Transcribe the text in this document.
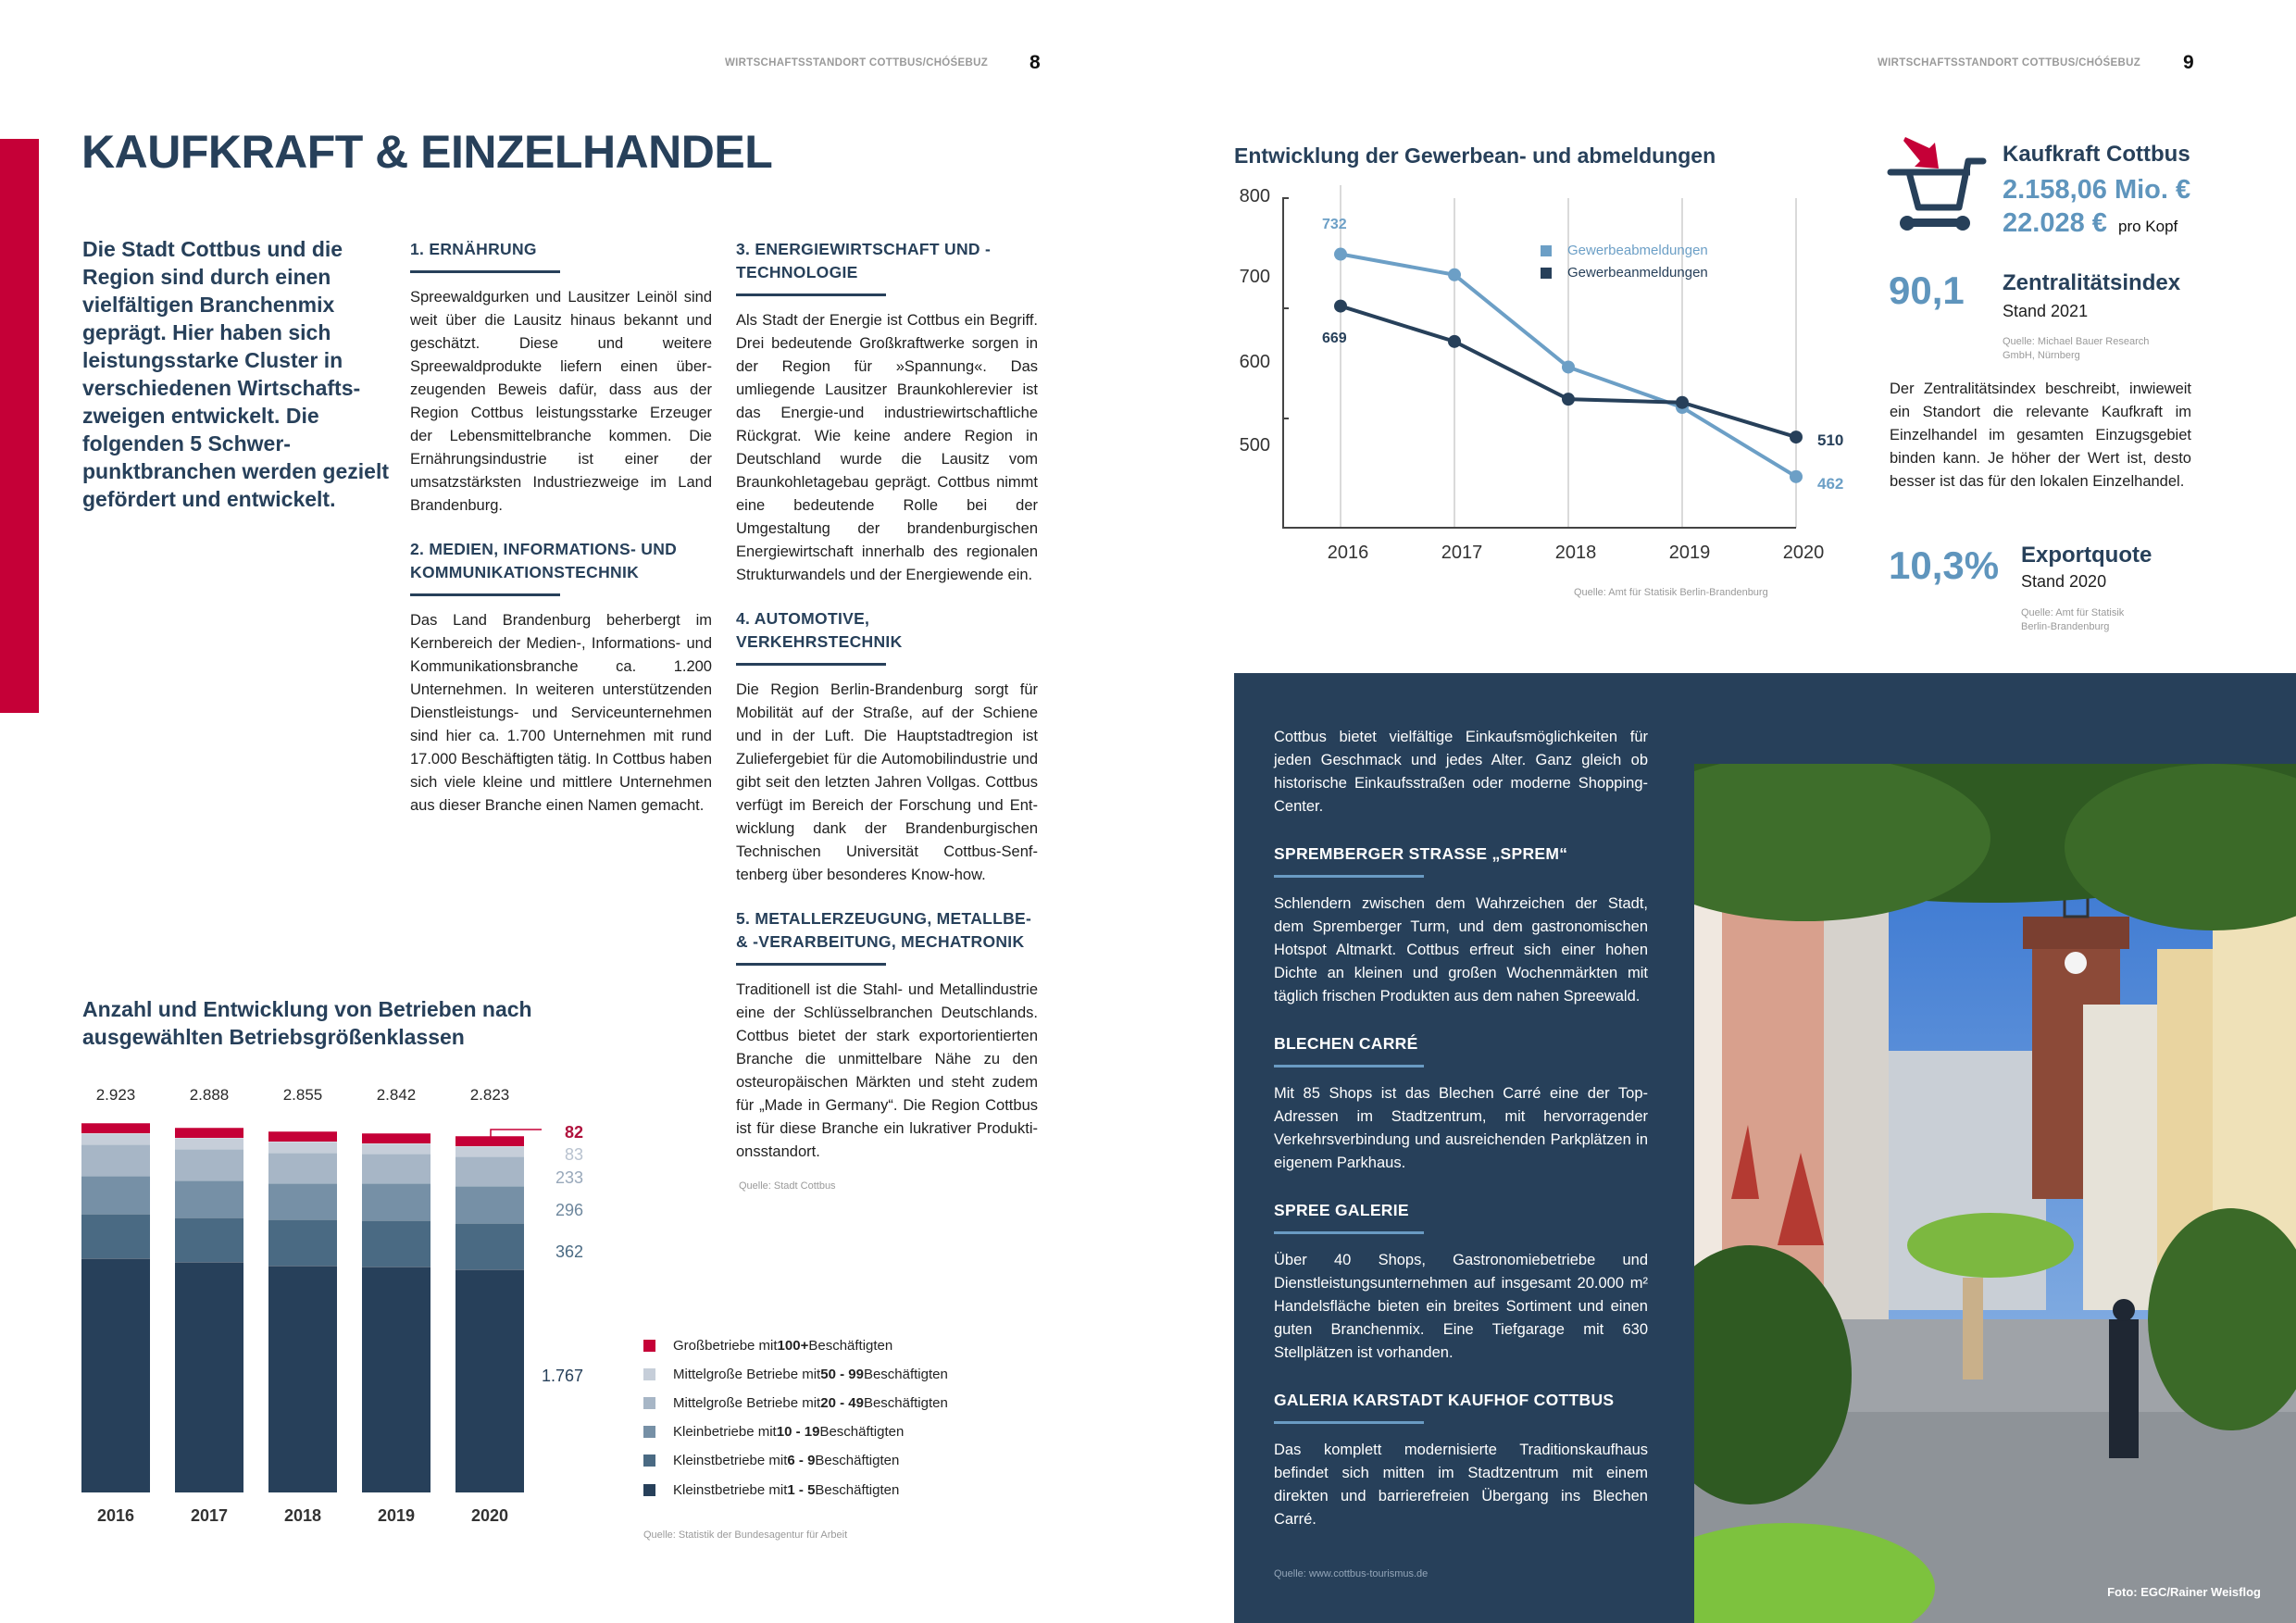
WIRTSCHAFTSSTANDORT COTTBUS/CHÓŚEBUZ 8
KAUFKRAFT & EINZELHANDEL

Die Stadt Cottbus und die Region sind durch einen vielfältigen Branchenmix geprägt. Hier haben sich leistungsstarke Cluster in verschiedenen Wirtschaftszweigen entwickelt. Die folgenden 5 Schwerpunktbranchen werden gezielt gefördert und entwickelt.

1. ERNÄHRUNG

Spreewaldgurken und Lausitzer Leinöl sind weit über die Lausitz hinaus bekannt und geschätzt. Diese und weitere Spreewaldprodukte liefern einen überzeugenden Beweis dafür, dass aus der Region Cottbus leistungsstarke Erzeuger der Lebensmittelbranche kommen. Die Ernährungsindustrie ist einer der umsatzstärksten Industriezweige im Land Brandenburg.

2. MEDIEN, INFORMATIONS- UND KOMMUNIKATIONSTECHNIK

Das Land Brandenburg beherbergt im Kernbereich der Medien-, Informations- und Kommunikationsbranche ca. 1.200 Unternehmen. In weiteren unterstützenden Dienstleistungs- und Serviceunternehmen sind hier ca. 1.700 Unternehmen mit rund 17.000 Beschäftigten tätig. In Cottbus haben sich viele kleine und mittlere Unternehmen aus dieser Branche einen Namen gemacht.

3. ENERGIEWIRTSCHAFT UND -TECHNOLOGIE

Als Stadt der Energie ist Cottbus ein Begriff. Drei bedeutende Großkraftwerke sorgen in der Region für »Spannung«. Das umliegende Lausitzer Braunkohlerevier ist das Energie-und industriewirtschaftliche Rückgrat. Wie keine andere Region in Deutschland wurde die Lausitz vom Braunkohletagebau geprägt. Cottbus nimmt eine bedeutende Rolle bei der Umgestaltung der brandenburgischen Energiewirtschaft innerhalb des regionalen Strukturwandels und der Energiewende ein.

4. AUTOMOTIVE, VERKEHRSTECHNIK

Die Region Berlin-Brandenburg sorgt für Mobilität auf der Straße, auf der Schiene und in der Luft. Die Hauptstadtregion ist Zuliefergebiet für die Automobilindustrie und gibt seit den letzten Jahren Vollgas. Cottbus verfügt im Bereich der Forschung und Entwicklung dank der Brandenburgischen Technischen Universität Cottbus-Senftenberg über besonderes Know-how.

5. METALLERZEUGUNG, METALLBE- & -VERARBEITUNG, MECHATRONIK

Traditionell ist die Stahl- und Metallindustrie eine der Schlüsselbranchen Deutschlands. Cottbus bietet der stark exportorientierten Branche die unmittelbare Nähe zu den osteuropäischen Märkten und steht zudem für „Made in Germany“. Die Region Cottbus ist für diese Branche ein lukrativer Produktionsstandort.

Quelle: Stadt Cottbus
Anzahl und Entwicklung von Betrieben nach ausgewählten Betriebsgrößenklassen
2.923
2016
2.888
2017
2.855
2018
2.842
2019
2.823
2020
82
83
233
296
362
1.767
Großbetriebe mit 100+ Beschäftigten
Mittelgroße Betriebe mit 50 - 99 Beschäftigten
Mittelgroße Betriebe mit 20 - 49 Beschäftigten
Kleinbetriebe mit 10 - 19 Beschäftigten
Kleinstbetriebe mit 6 - 9 Beschäftigten
Kleinstbetriebe mit 1 - 5 Beschäftigten
Quelle: Statistik der Bundesagentur für Arbeit
WIRTSCHAFTSSTANDORT COTTBUS/CHÓŚEBUZ 9
Entwicklung der Gewerbean- und abmeldungen
800
700
600
500
Gewerbeabmeldungen
Gewerbeanmeldungen
732
669
510
462
2016	2017	2018	2019	2020
Quelle: Amt für Statisik Berlin-Brandenburg
Kaufkraft Cottbus
2.158,06 Mio. €
22.028 € pro Kopf
90,1 Zentralitätsindex
Stand 2021
Quelle: Michael Bauer Research
GmbH, Nürnberg

Der Zentralitätsindex beschreibt, inwieweit ein Standort die relevante Kaufkraft im Einzelhandel im gesamten Einzugsgebiet binden kann. Je höher der Wert ist, desto besser ist das für den lokalen Einzelhandel.

10,3% Exportquote
Stand 2020
Quelle: Amt für Statisik
Berlin-Brandenburg

Cottbus bietet vielfältige Einkaufsmöglichkeiten für jeden Geschmack und jedes Alter. Ganz gleich ob historische Einkaufsstraßen oder moderne Shopping-Center.

SPREMBERGER STRASSE „SPREM“

Schlendern zwischen dem Wahrzeichen der Stadt, dem Spremberger Turm, und dem gastronomischen Hotspot Altmarkt. Cottbus erfreut sich einer hohen Dichte an kleinen und großen Wochenmärkten mit täglich frischen Produkten aus dem nahen Spreewald.

BLECHEN CARRÉ

Mit 85 Shops ist das Blechen Carré eine der Top-Adressen im Stadtzentrum, mit hervorragender Verkehrsverbindung und ausreichenden Parkplätzen in eigenem Parkhaus.

SPREE GALERIE

Über 40 Shops, Gastronomiebetriebe und Dienstleistungsunternehmen auf insgesamt 20.000 m² Handelsfläche bieten ein breites Sortiment und einen guten Branchenmix. Eine Tiefgarage mit 630 Stellplätzen ist vorhanden.

GALERIA KARSTADT KAUFHOF COTTBUS

Das komplett modernisierte Traditionskaufhaus befindet sich mitten im Stadtzentrum mit einem direkten und barrierefreien Übergang ins Blechen Carré.

Quelle: www.cottbus-tourismus.de
Foto: EGC/Rainer Weisflog
